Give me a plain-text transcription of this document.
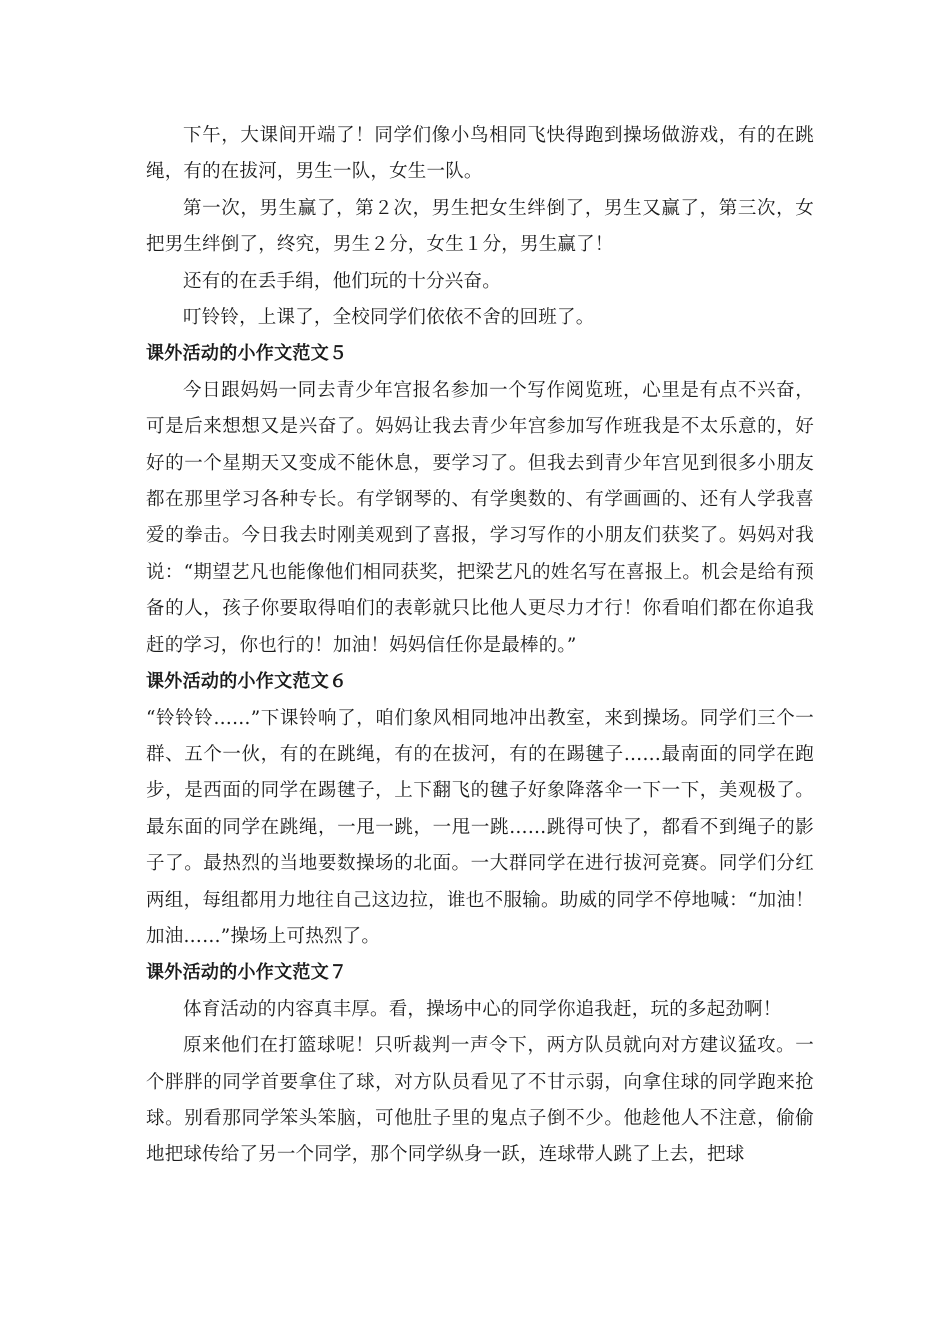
下午，大课间开端了！同学们像小鸟相同飞快得跑到操场做游戏，有的在跳绳，有的在拔河，男生一队，女生一队。

第一次，男生赢了，第２次，男生把女生绊倒了，男生又赢了，第三次，女把男生绊倒了，终究，男生２分，女生１分，男生赢了！

还有的在丢手绢，他们玩的十分兴奋。

叮铃铃，上课了，全校同学们依依不舍的回班了。

课外活动的小作文范文５

今日跟妈妈一同去青少年宫报名参加一个写作阅览班，心里是有点不兴奋，可是后来想想又是兴奋了。妈妈让我去青少年宫参加写作班我是不太乐意的，好好的一个星期天又变成不能休息，要学习了。但我去到青少年宫见到很多小朋友都在那里学习各种专长。有学钢琴的、有学奥数的、有学画画的、还有人学我喜爱的拳击。今日我去时刚美观到了喜报，学习写作的小朋友们获奖了。妈妈对我说：“期望艺凡也能像他们相同获奖，把梁艺凡的姓名写在喜报上。机会是给有预备的人，孩子你要取得咱们的表彰就只比他人更尽力才行！你看咱们都在你追我赶的学习，你也行的！加油！妈妈信任你是最棒的。”

课外活动的小作文范文６

“铃铃铃……”下课铃响了，咱们象风相同地冲出教室，来到操场。同学们三个一群、五个一伙，有的在跳绳，有的在拔河，有的在踢毽子……最南面的同学在跑步，是西面的同学在踢毽子，上下翻飞的毽子好象降落伞一下一下，美观极了。最东面的同学在跳绳，一甩一跳，一甩一跳……跳得可快了，都看不到绳子的影子了。最热烈的当地要数操场的北面。一大群同学在进行拔河竞赛。同学们分红两组，每组都用力地往自己这边拉，谁也不服输。助威的同学不停地喊：“加油！加油……”操场上可热烈了。

课外活动的小作文范文７

体育活动的内容真丰厚。看，操场中心的同学你追我赶，玩的多起劲啊！

原来他们在打篮球呢！只听裁判一声令下，两方队员就向对方建议猛攻。一个胖胖的同学首要拿住了球，对方队员看见了不甘示弱，向拿住球的同学跑来抢球。别看那同学笨头笨脑，可他肚子里的鬼点子倒不少。他趁他人不注意，偷偷地把球传给了另一个同学，那个同学纵身一跃，连球带人跳了上去，把球
